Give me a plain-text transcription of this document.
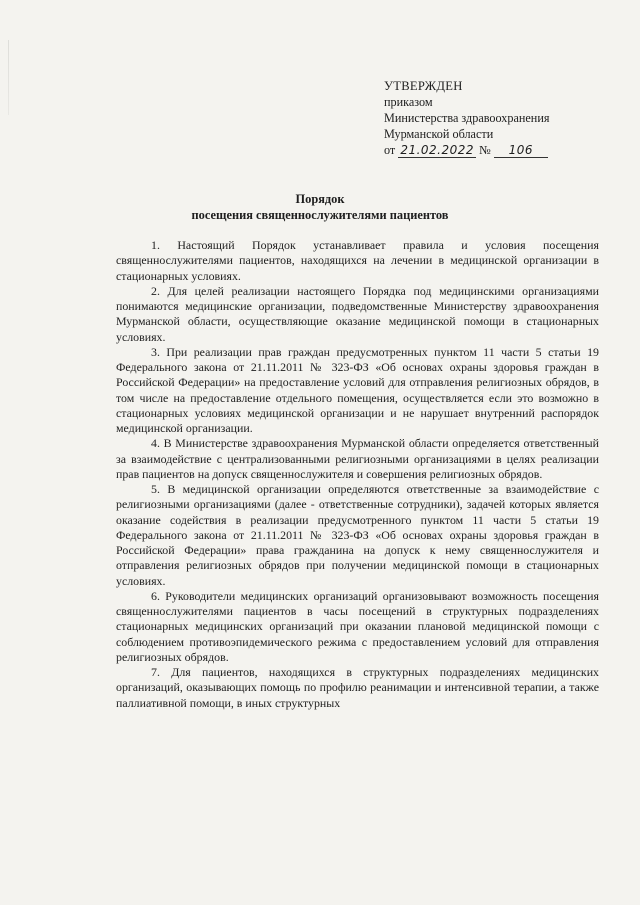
УТВЕРЖДЕН
приказом
Министерства здравоохранения
Мурманской области
от 21.02.2022 № 106
Порядок
посещения священнослужителями пациентов

1. Настоящий Порядок устанавливает правила и условия посещения священнослужителями пациентов, находящихся на лечении в медицинской организации в стационарных условиях.

2. Для целей реализации настоящего Порядка под медицинскими организациями понимаются медицинские организации, подведомственные Министерству здравоохранения Мурманской области, осуществляющие оказание медицинской помощи в стационарных условиях.

3. При реализации прав граждан предусмотренных пунктом 11 части 5 статьи 19 Федерального закона от 21.11.2011 № 323-ФЗ «Об основах охраны здоровья граждан в Российской Федерации» на предоставление условий для отправления религиозных обрядов, в том числе на предоставление отдельного помещения, осуществляется если это возможно в стационарных условиях медицинской организации и не нарушает внутренний распорядок медицинской организации.

4. В Министерстве здравоохранения Мурманской области определяется ответственный за взаимодействие с централизованными религиозными организациями в целях реализации прав пациентов на допуск священнослужителя и совершения религиозных обрядов.

5. В медицинской организации определяются ответственные за взаимодействие с религиозными организациями (далее - ответственные сотрудники), задачей которых является оказание содействия в реализации предусмотренного пунктом 11 части 5 статьи 19 Федерального закона от 21.11.2011 № 323-ФЗ «Об основах охраны здоровья граждан в Российской Федерации» права гражданина на допуск к нему священнослужителя и отправления религиозных обрядов при получении медицинской помощи в стационарных условиях.

6. Руководители медицинских организаций организовывают возможность посещения священнослужителями пациентов в часы посещений в структурных подразделениях стационарных медицинских организаций при оказании плановой медицинской помощи с соблюдением противоэпидемического режима с предоставлением условий для отправления религиозных обрядов.

7. Для пациентов, находящихся в структурных подразделениях медицинских организаций, оказывающих помощь по профилю реанимации и интенсивной терапии, а также паллиативной помощи, в иных структурных
